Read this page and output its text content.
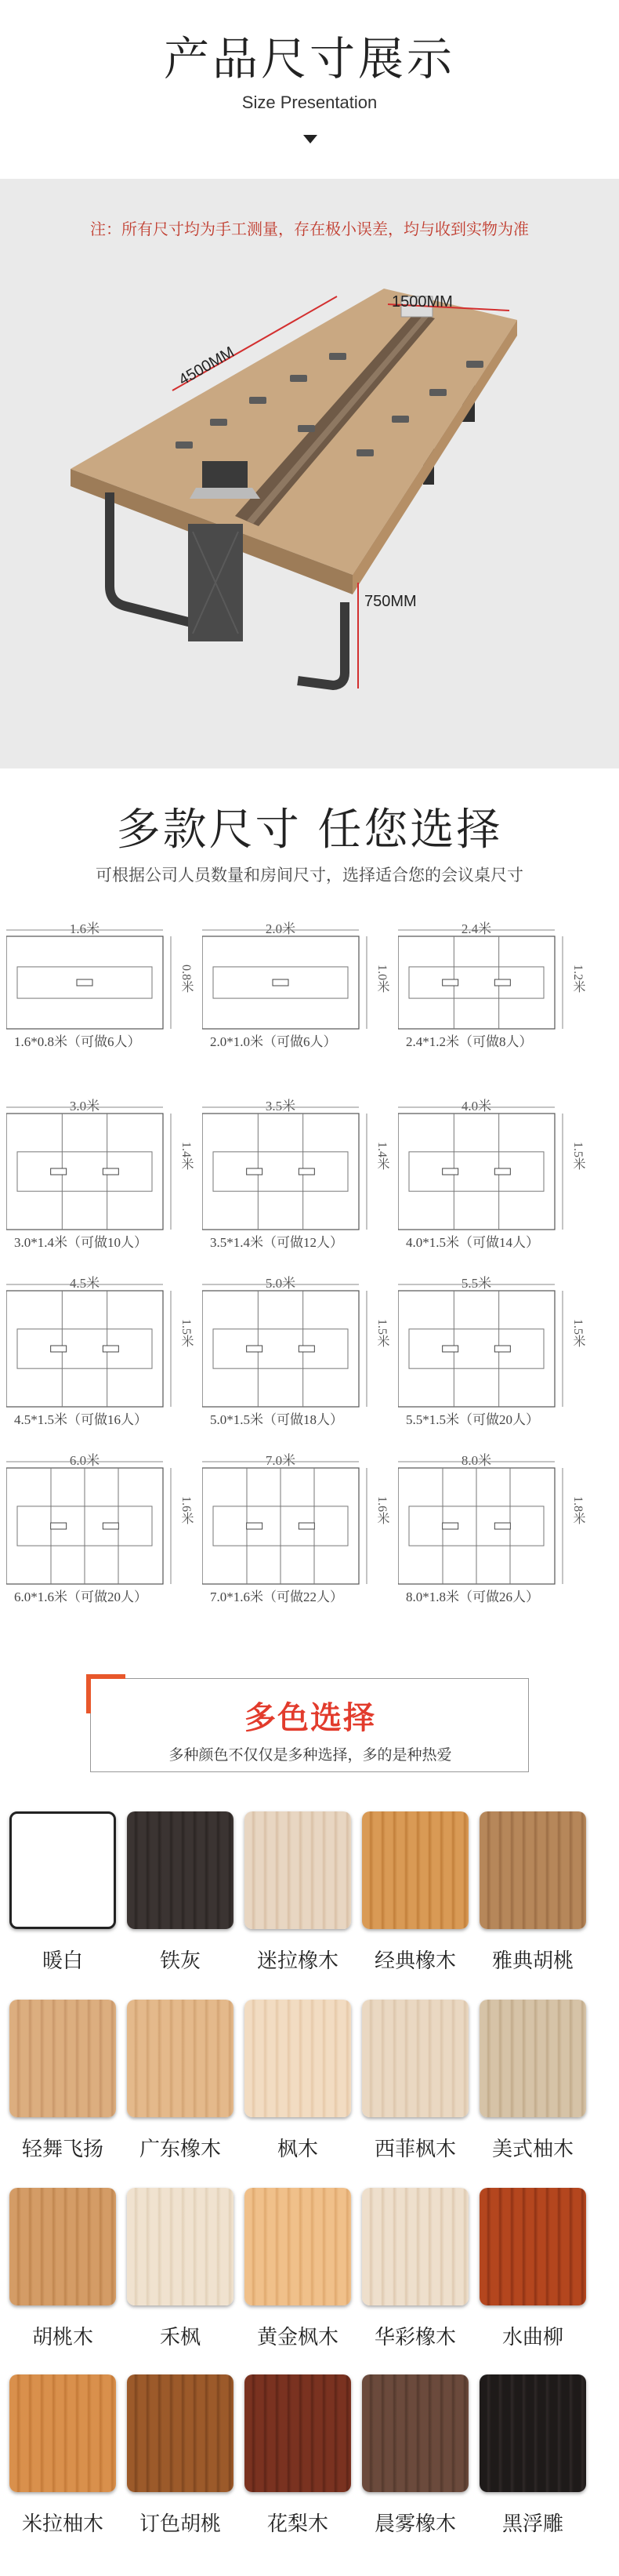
产品尺寸展示
Size Presentation
注：所有尺寸均为手工测量，存在极小误差，均与收到实物为准
1500MM
4500MM
750MM
多款尺寸 任您选择
可根据公司人员数量和房间尺寸，选择适合您的会议桌尺寸
1.6米
0.8米
1.6*0.8米（可做6人）
2.0米
1.0米
2.0*1.0米（可做6人）
2.4米
1.2米
2.4*1.2米（可做8人）
3.0米
1.4米
3.0*1.4米（可做10人）
3.5米
1.4米
3.5*1.4米（可做12人）
4.0米
1.5米
4.0*1.5米（可做14人）
4.5米
1.5米
4.5*1.5米（可做16人）
5.0米
1.5米
5.0*1.5米（可做18人）
5.5米
1.5米
5.5*1.5米（可做20人）
6.0米
1.6米
6.0*1.6米（可做20人）
7.0米
1.6米
7.0*1.6米（可做22人）
8.0米
1.8米
8.0*1.8米（可做26人）
多色选择
多种颜色不仅仅是多种选择，多的是种热爱
暖白	铁灰	迷拉橡木	经典橡木	雅典胡桃
轻舞飞扬	广东橡木	枫木	西菲枫木	美式柚木
胡桃木	禾枫	黄金枫木	华彩橡木	水曲柳
米拉柚木	订色胡桃	花梨木	晨雾橡木	黑浮雕
